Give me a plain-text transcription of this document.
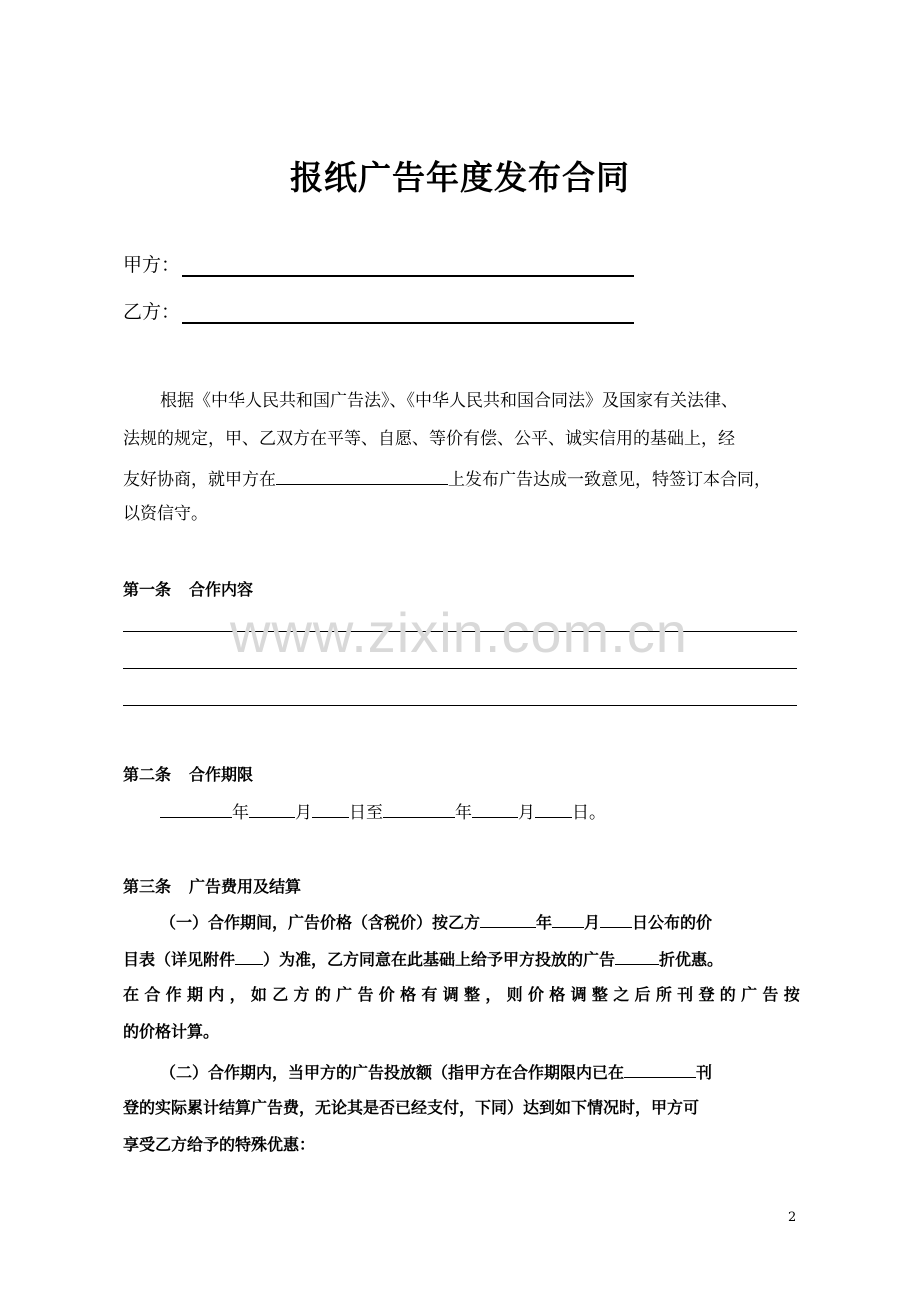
报纸广告年度发布合同
甲方：
乙方：
根据《中华人民共和国广告法》、《中华人民共和国合同法》及国家有关法律、
法规的规定，甲、乙双方在平等、自愿、等价有偿、公平、诚实信用的基础上，经
友好协商，就甲方在	上发布广告达成一致意见，特签订本合同，
以资信守。
第一条 合作内容
第二条 合作期限
年	月 日至	年	月 日。
第三条 广告费用及结算
（一）合作期间，广告价格（含税价）按乙方	年 月 日公布的价
目表（详见附件 ）为准，乙方同意在此基础上给予甲方投放的广告	折优惠。
在 合 作 期 内 ， 如 乙 方 的 广 告 价 格 有 调 整 ， 则 价 格 调 整 之 后 所 刊 登 的 广 告 按
的价格计算。
（二）合作期内，当甲方的广告投放额（指甲方在合作期限内已在	刊
登的实际累计结算广告费，无论其是否已经支付，下同）达到如下情况时，甲方可
享受乙方给予的特殊优惠：
www.zixin.com.cn
2
